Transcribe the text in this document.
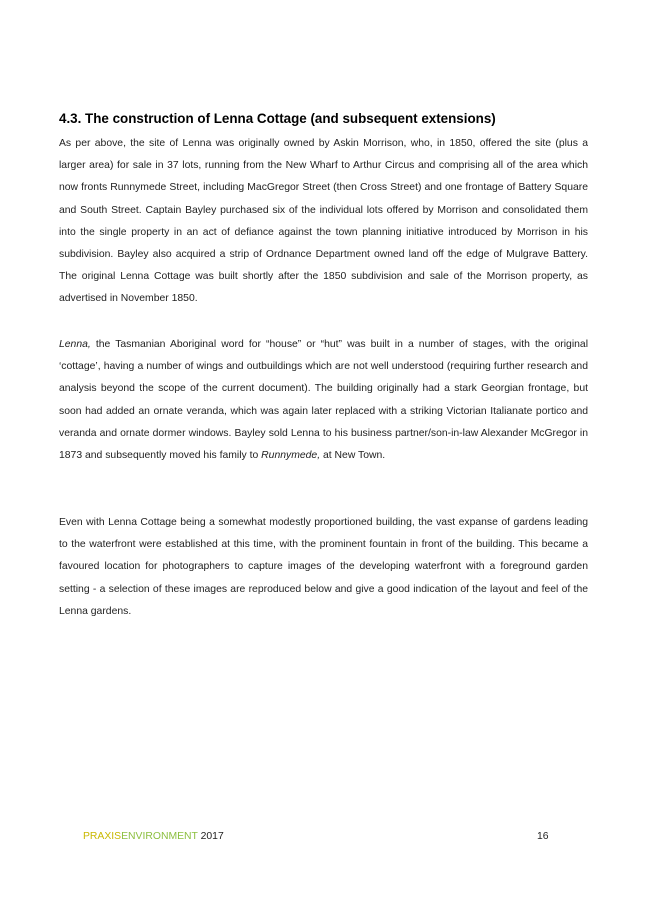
4.3. The construction of Lenna Cottage (and subsequent extensions)
As per above, the site of Lenna was originally owned by Askin Morrison, who, in 1850, offered the site (plus a larger area) for sale in 37 lots, running from the New Wharf to Arthur Circus and comprising all of the area which now fronts Runnymede Street, including MacGregor Street (then Cross Street) and one frontage of Battery Square and South Street. Captain Bayley purchased six of the individual lots offered by Morrison and consolidated them into the single property in an act of defiance against the town planning initiative introduced by Morrison in his subdivision. Bayley also acquired a strip of Ordnance Department owned land off the edge of Mulgrave Battery. The original Lenna Cottage was built shortly after the 1850 subdivision and sale of the Morrison property, as advertised in November 1850.
Lenna, the Tasmanian Aboriginal word for “house” or “hut” was built in a number of stages, with the original ‘cottage’, having a number of wings and outbuildings which are not well understood (requiring further research and analysis beyond the scope of the current document). The building originally had a stark Georgian frontage, but soon had added an ornate veranda, which was again later replaced with a striking Victorian Italianate portico and veranda and ornate dormer windows. Bayley sold Lenna to his business partner/son-in-law Alexander McGregor in 1873 and subsequently moved his family to Runnymede, at New Town.
Even with Lenna Cottage being a somewhat modestly proportioned building, the vast expanse of gardens leading to the waterfront were established at this time, with the prominent fountain in front of the building. This became a favoured location for photographers to capture images of the developing waterfront with a foreground garden setting - a selection of these images are reproduced below and give a good indication of the layout and feel of the Lenna gardens.
PRAXISENVIRONMENT 2017	16
